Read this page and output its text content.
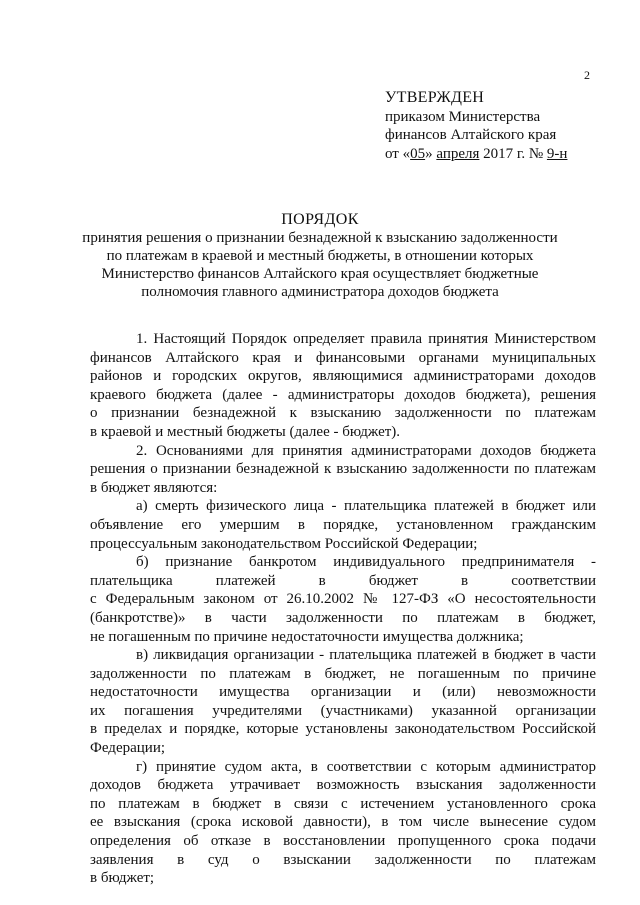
2
УТВЕРЖДЕН
приказом Министерства
финансов Алтайского края
от «05» апреля 2017 г. № 9-н
ПОРЯДОК
принятия решения о признании безнадежной к взысканию задолженности
по платежам в краевой и местный бюджеты, в отношении которых
Министерство финансов Алтайского края осуществляет бюджетные
полномочия главного администратора доходов бюджета
1. Настоящий Порядок определяет правила принятия Министерством
финансов Алтайского края и финансовыми органами муниципальных
районов и городских округов, являющимися администраторами доходов
краевого бюджета (далее - администраторы доходов бюджета), решения
о признании безнадежной к взысканию задолженности по платежам
в краевой и местный бюджеты (далее - бюджет).
2. Основаниями для принятия администраторами доходов бюджета
решения о признании безнадежной к взысканию задолженности по платежам
в бюджет являются:
а) смерть физического лица - плательщика платежей в бюджет или
объявление его умершим в порядке, установленном гражданским
процессуальным законодательством Российской Федерации;
б) признание банкротом индивидуального предпринимателя -
плательщика платежей в бюджет в соответствии
с Федеральным законом от 26.10.2002 № 127-ФЗ «О несостоятельности
(банкротстве)» в части задолженности по платежам в бюджет,
не погашенным по причине недостаточности имущества должника;
в) ликвидация организации - плательщика платежей в бюджет в части
задолженности по платежам в бюджет, не погашенным по причине
недостаточности имущества организации и (или) невозможности
их погашения учредителями (участниками) указанной организации
в пределах и порядке, которые установлены законодательством Российской
Федерации;
г) принятие судом акта, в соответствии с которым администратор
доходов бюджета утрачивает возможность взыскания задолженности
по платежам в бюджет в связи с истечением установленного срока
ее взыскания (срока исковой давности), в том числе вынесение судом
определения об отказе в восстановлении пропущенного срока подачи
заявления в суд о взыскании задолженности по платежам
в бюджет;
